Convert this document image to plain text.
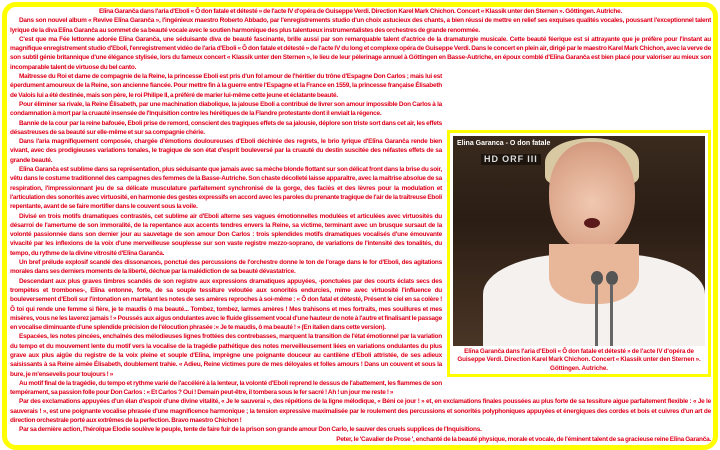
Elīna Garanča dans l'aria d'Eboli « Ô don fatale et détesté » de l'acte IV d'opéra de Guiseppe Verdi. Direction Karel Mark Chichon. Concert « Klassik unter den Sternen ». Göttingen. Autriche.

Dans son nouvel album « Revive Elīna Garanča », l'ingénieux maestro Roberto Abbado, par l'enregistrements studio d'un choix astucieux des chants, a bien réussi de mettre en relief ses exquises qualités vocales, poussant l'exceptionnel talent lyrique de la diva Elīna Garanča au sommet de sa beauté vocale avec le soutien harmonique des plus talentueux instrumentalistes des orchestres de grande renommée.

C'est que ma Fée lettonne adorée Elīna Garanča, une séduisante diva de beauté fascinante, brille aussi par son remarquable talent d'actrice de la dramaturgie musicale. Cette beauté féerique est si attrayante que je préfère pour l'instant au magnifique enregistrement studio d'Eboli, l'enregistrement vidéo de l'aria d'Eboli « Ô don fatale et détesté » de l'acte IV du long et complexe opéra de Guiseppe Verdi. Dans le concert en plein air, dirigé par le maestro Karel Mark Chichon, avec la verve de son subtil génie britannique d'une élégance stylisée, lors du fameux concert « Klassik unter den Sternen », le lieu de leur pèlerinage annuel à Göttingen en Basse-Autriche, en époux comblé d'Elīna Garanča est bien placé pour valoriser au mieux son incomparable talent de virtuose du bel canto.

Elina Garanca - O don fatale
HD ORF III
Elīna Garanča dans l'aria d'Eboli « Ô don fatale et détesté » de l'acte IV d'opéra de Guiseppe Verdi. Direction Karel Mark Chichon. Concert « Klassik unter den Sternen ». Göttingen. Autriche.

Maîtresse du Roi et dame de compagnie de la Reine, la princesse Eboli est pris d'un fol amour de l'héritier du trône d'Espagne Don Carlos ; mais lui est éperdument amoureux de la Reine, son ancienne fiancée. Pour mettre fin à la guerre entre l'Espagne et la France en 1559, la princesse française Élisabeth de Valois lui a été destinée, mais son père, le roi Philipe II, a préféré de marier lui-même cette jeune et éclatante beauté.

Pour éliminer sa rivale, la Reine Élisabeth, par une machination diabolique, la jalouse Eboli a contribué de livrer son amour impossible Don Carlos à la condamnation à mort par la cruauté insensée de l'Inquisition contre les hérétiques de la Flandre protestante dont il enviait la régence.

Bannie de la cour par la reine bafouée, Eboli prise de remord, conscient des tragiques effets de sa jalousie, déplore son triste sort dans cet air, les effets désastreuses de sa beauté sur elle-même et sur sa compagnie chérie.

Dans l'aria magnifiquement composée, chargée d'émotions douloureuses d'Eboli déchirée des regrets, le brio lyrique d'Elīna Garanča rende bien vivant, avec des prodigieuses variations tonales, le tragique de son état d'esprit bouleversé par la cruauté du destin suscitée des néfastes effets de sa grande beauté.

Elīna Garanča est sublime dans sa représentation, plus séduisante que jamais avec sa mèche blonde flottant sur son délicat front dans la brise du soir, vêtu dans le costume traditionnel des campagnes des femmes de la Basse-Autriche. Son chaste décolleté laisse apparaître, avec la maîtrise absolue de sa respiration, l'impressionnant jeu de sa délicate musculature parfaitement synchronisé de la gorge, des faciès et des lèvres pour la modulation et l'articulation des sonorités avec virtuosité, en harmonie des gestes expressifs en accord avec les paroles du prenante tragique de l'air de la traîtreuse Eboli repentante, avant de se faire mortifier dans le couvent sous la voile.

Divisé en trois motifs dramatiques contrastés, cet sublime air d'Eboli alterne ses vagues émotionnelles modulées et articulées avec virtuosités du désarroi de l'amertume de son immoralité, de la repentance aux accents tendres envers la Reine, sa victime, terminant avec un brusque sursaut de la volonté passionnée dans son dernier jour au sauvetage de son amour Don Carlos : trois splendides motifs dramatiques vocalisés d'une émouvante vivacité par les inflexions de la voix d'une merveilleuse souplesse sur son vaste registre mezzo-soprano, de variations de l'intensité des tonalités, du tempo, du rythme de la divine vitrosité d'Elīna Garanča.

Un bref prélude explosif scandé des dissonances, ponctué des percussions de l'orchestre donne le ton de l'orage dans le for d'Eboli, des agitations morales dans ses derniers moments de la liberté, déchue par la malédiction de sa beauté dévastatrice.

Descendant aux plus graves timbres scandés de son registre aux expressions dramatiques appuyées, -ponctuées par des courts éclats secs des trompètes et trombones-, Elīna entonne, forte, de sa souple tessiture veloutée aux sonorités endurcies, mime avec virtuosité l'influence du bouleversement d'Eboli sur l'intonation en martelant les notes de ses amères reproches à soi-même : « Ô don fatal et détesté, Présent le ciel en sa colère ! Ô toi qui rende une femme si fière, je te maudis ô ma beauté... Tombez, tombez, larmes amères ! Mes trahisons et mes fortraits, mes souillures et mes misères, vous ne les laverez jamais ! » Poussés aux aigus ondulantes avec le fluide glissement vocal d'une hauteur de note à l'autre et finalisant le passage en vocalise diminuante d'une splendide précision de l'élocution phrasée :« Je te maudis, ô ma beauté ! » (En italien dans cette version).

Espacées, les notes pincées, enchaînés des mélodieuses lignes frottées des contrebasses, marquent la transition de l'état émotionnel par la variation du tempo et du mouvement lente du motif vers la vocalise de la tragédie pathétique des notes merveilleusement liées en variations ondulantes du plus grave aux plus aigüe du registre de la voix pleine et souple d'Elīna, imprègne une poignante douceur au cantilène d'Eboli attristée, de ses adieux saisissants à sa Reine aimée Élisabeth, doublement trahie. « Adieu, Reine victimes pure de mes déloyales et folles amours ! Dans un couvent et sous la bure, je m'ensevelis pour toujours ! »

Au motif final de la tragédie, du tempo et rythme varié de l'accéléré à la lenteur, la volonté d'Eboli reprend le dessus de l'abattement, les flammes de son tempérament, sa passion folle pour Don Carlos : « Et Carlos ? Oui ! Demain peut-être, il tombera sous le fer sacré ! Ah ! un jour me reste ! »

Par des exclamations appuyées d'un élan d'espoir d'une divine vitalité, « Je le sauverai », des répétions de la ligne mélodique, « Béni ce jour ! » et, en exclamations finales poussées au plus forte de sa tessiture aigue parfaitement flexible : « Je le sauverais ! », est une poignante vocalise phrasée d'une magnificence harmonique ; la tension expressive maximalisée par le roulement des percussions et sonorités polyphoniques appuyées et énergiques des cordes et bois et cuivres d'un art de direction orchestrale porté aux extrêmes de la perfection. Bravo maestro Chichon !

Par sa dernière action, l'héroïque Elodie soulève le peuple, tente de faire fuir de la prison son grande amour Don Carlo, le sauver des cruels supplices de l'Inquisitions.

Peter, le 'Cavalier de Prose ', enchanté de la beauté physique, morale et vocale, de l'éminent talent de sa gracieuse reine Elīna Garanča.
